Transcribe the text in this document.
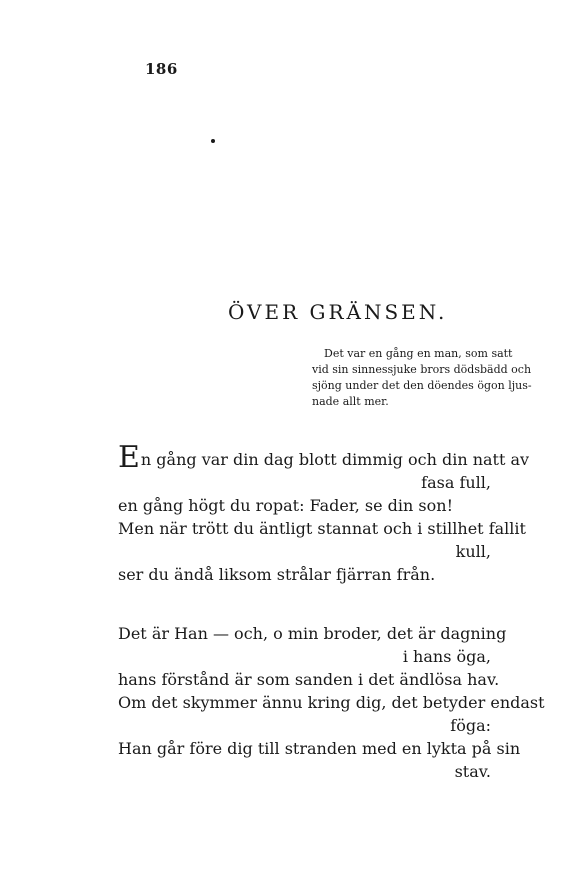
186
ÖVER GRÄNSEN.
Det var en gång en man, som satt
vid sin sinnessjuke brors dödsbädd och
sjöng under det den döendes ögon ljus-
nade allt mer.
En gång var din dag blott dimmig och din natt av
fasa full,
en gång högt du ropat: Fader, se din son!
Men när trött du äntligt stannat och i stillhet fallit
kull,
ser du ändå liksom strålar fjärran från.
Det är Han — och, o min broder, det är dagning
i hans öga,
hans förstånd är som sanden i det ändlösa hav.
Om det skymmer ännu kring dig, det betyder endast
föga:
Han går före dig till stranden med en lykta på sin
stav.
